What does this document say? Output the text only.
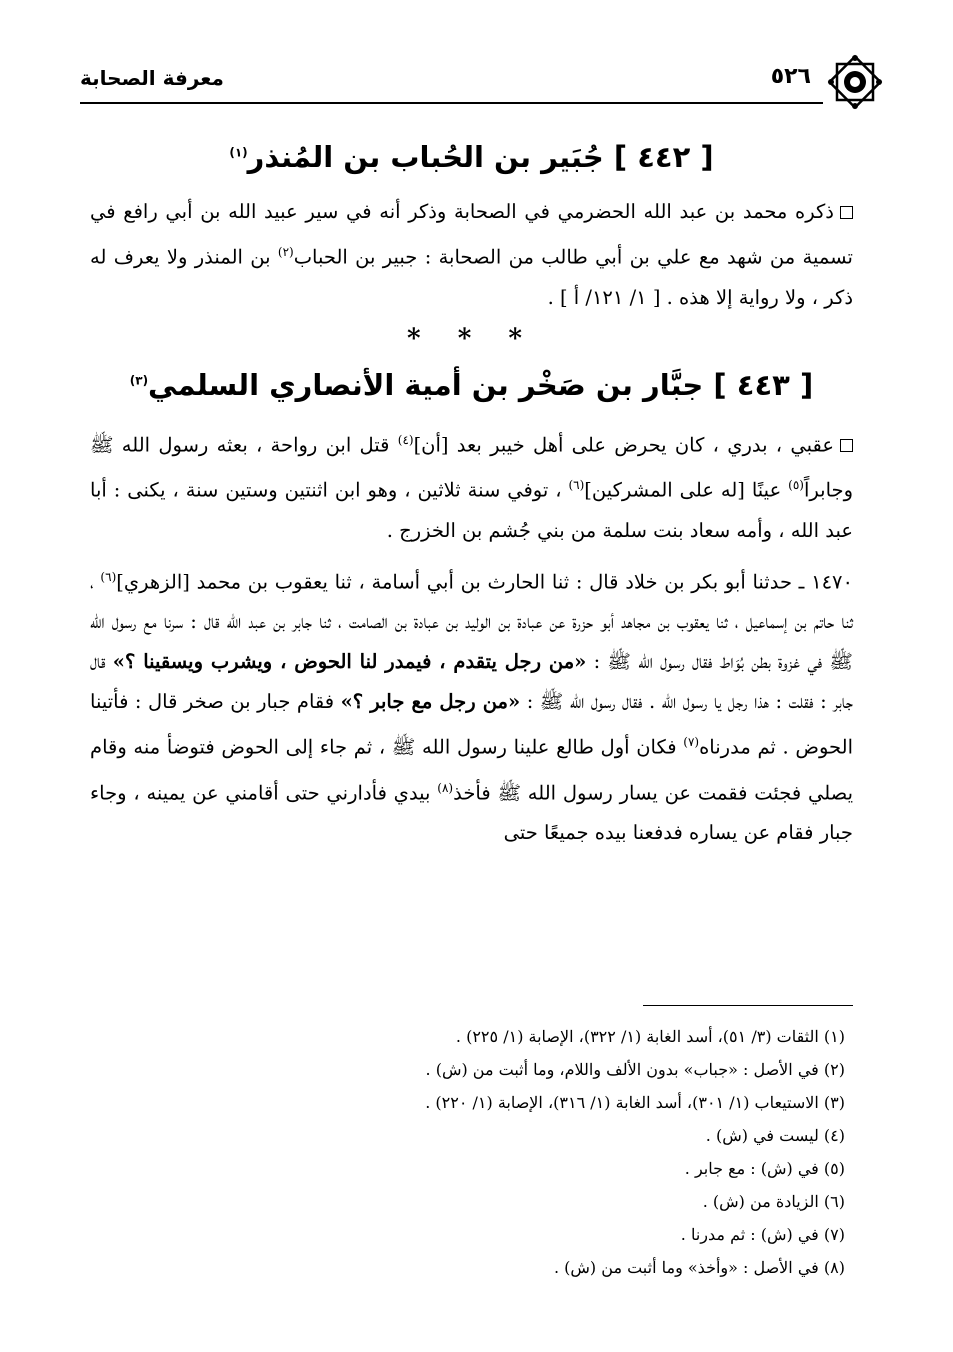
٥٢٦
معرفة الصحابة
[ ٤٤٢ ] جُبَير بن الحُباب بن المُنذر$^{(١)}$

ذكره محمد بن عبد الله الحضرمي في الصحابة وذكر أنه في سير عبيد الله بن أبي رافع في تسمية من شهد مع علي بن أبي طالب من الصحابة : جبير بن الحباب$^{(٢)}$ بن المنذر ولا يعرف له ذكر ، ولا رواية إلا هذه . [ ١/ ١٢١/ أ ] .

* * *
[ ٤٤٣ ] جبَّار بن صَخْر بن أمية الأنصاري السلمي$^{(٣)}$

عقبي ، بدري ، كان يحرض على أهل خيبر بعد [أن]$^{(٤)}$ قتل ابن رواحة ، بعثه رسول الله ﷺ وجابراً$^{(٥)}$ عينًا [له على المشركين]$^{(٦)}$ ، توفي سنة ثلاثين ، وهو ابن اثنتين وستين سنة ، يكنى : أبا عبد الله ، وأمه سعاد بنت سلمة من بني جُشم بن الخزرج .

١٤٧٠ ـ حدثنا أبو بكر بن خلاد قال : ثنا الحارث بن أبي أسامة ، ثنا يعقوب بن محمد [الزهري]$^{(٦)}$ ، ثنا حاتم بن إسماعيل ، ثنا يعقوب بن مجاهد أبو حزرة عن عبادة بن الوليد بن عبادة بن الصامت ، ثنا جابر بن عبد الله قال : سرنا مع رسول الله ﷺ في غزوة بطن بُوَاط فقال رسول الله ﷺ : «من رجل يتقدم ، فيمدر لنا الحوض ، ويشرب ويسقينا ؟» قال جابر : فقلت : هذا رجل يا رسول الله . فقال رسول الله ﷺ : «من رجل مع جابر ؟» فقام جبار بن صخر قال : فأتينا الحوض . ثم مدرناه$^{(٧)}$ فكان أول طالع علينا رسول الله ﷺ ، ثم جاء إلى الحوض فتوضأ منه وقام يصلي فجئت فقمت عن يسار رسول الله ﷺ فأخذ$^{(٨)}$ بيدي فأدارني حتى أقامني عن يمينه ، وجاء جبار فقام عن يساره فدفعنا بيده جميعًا حتى

(١) الثقات (٣/ ٥١)، أسد الغابة (١/ ٣٢٢)، الإصابة (١/ ٢٢٥) .
(٢) في الأصل : «جباب» بدون الألف واللام، وما أثبت من (ش) .
(٣) الاستيعاب (١/ ٣٠١)، أسد الغابة (١/ ٣١٦)، الإصابة (١/ ٢٢٠) .
(٤) ليست في (ش) .
(٥) في (ش) : مع جابر .
(٦) الزيادة من (ش) .
(٧) في (ش) : ثم مدرنا .
(٨) في الأصل : «وأخذ» وما أثبت من (ش) .
